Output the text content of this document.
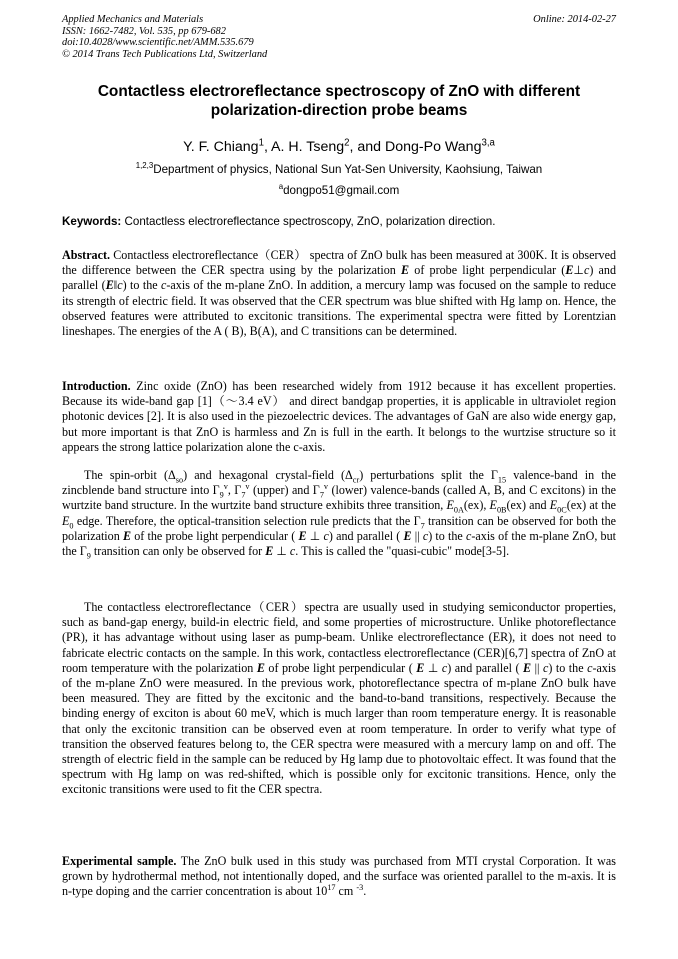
Applied Mechanics and Materials
ISSN: 1662-7482, Vol. 535, pp 679-682
doi:10.4028/www.scientific.net/AMM.535.679
© 2014 Trans Tech Publications Ltd, Switzerland
Online: 2014-02-27
Contactless electroreflectance spectroscopy of ZnO with different
polarization-direction probe beams
Y. F. Chiang$^1$, A. H. Tseng$^2$, and Dong-Po Wang$^{3,a}$
$^{1,2,3}$Department of physics, National Sun Yat-Sen University, Kaohsiung, Taiwan
$^a$dongpo51@gmail.com
Keywords: Contactless electroreflectance spectroscopy, ZnO, polarization direction.
Abstract. Contactless electroreflectance（CER） spectra of ZnO bulk has been measured at 300K. It is observed the difference between the CER spectra using by the polarization E of probe light perpendicular (E⊥c) and parallel (E‖c) to the c-axis of the m-plane ZnO. In addition, a mercury lamp was focused on the sample to reduce its strength of electric field. It was observed that the CER spectrum was blue shifted with Hg lamp on. Hence, the observed features were attributed to excitonic transitions. The experimental spectra were fitted by Lorentzian lineshapes. The energies of the A ( B), B(A), and C transitions can be determined.
Introduction. Zinc oxide (ZnO) has been researched widely from 1912 because it has excellent properties. Because its wide-band gap [1]（～3.4 eV） and direct bandgap properties, it is applicable in ultraviolet region photonic devices [2]. It is also used in the piezoelectric devices. The advantages of GaN are also wide energy gap, but more important is that ZnO is harmless and Zn is full in the earth. It belongs to the wurtzise structure so it appears the strong lattice polarization alone the c-axis.
The spin-orbit $(\Delta_{so})$ and hexagonal crystal-field $(\Delta_{cr})$ perturbations split the $\Gamma_{15}$ valence-band in the zincblende band structure into $\Gamma_9^v$, $\Gamma_7^v$ (upper) and $\Gamma_7^v$ (lower) valence-bands (called A, B, and C excitons) in the wurtzite band structure. In the wurtzite band structure exhibits three transition, $E_{0A}(ex)$, $E_{0B}(ex)$ and $E_{0C}(ex)$ at the $E_0$ edge. Therefore, the optical-transition selection rule predicts that the $\Gamma_7$ transition can be observed for both the polarization E of the probe light perpendicular ( E ⊥ c) and parallel ( E || c) to the c-axis of the m-plane ZnO, but the $\Gamma_9$ transition can only be observed for E ⊥ c. This is called the "quasi-cubic" mode[3-5].
The contactless electroreflectance（CER）spectra are usually used in studying semiconductor properties, such as band-gap energy, build-in electric field, and some properties of microstructure. Unlike photoreflectance (PR), it has advantage without using laser as pump-beam. Unlike electroreflectance (ER), it does not need to fabricate electric contacts on the sample. In this work, contactless electroreflectance (CER)[6,7] spectra of ZnO at room temperature with the polarization E of probe light perpendicular ( E ⊥ c) and parallel ( E || c) to the c-axis of the m-plane ZnO were measured. In the previous work, photoreflectance spectra of m-plane ZnO bulk have been measured. They are fitted by the excitonic and the band-to-band transitions, respectively. Because the binding energy of exciton is about 60 meV, which is much larger than room temperature energy. It is reasonable that only the excitonic transition can be observed even at room temperature. In order to verify what type of transition the observed features belong to, the CER spectra were measured with a mercury lamp on and off. The strength of electric field in the sample can be reduced by Hg lamp due to photovoltaic effect. It was found that the spectrum with Hg lamp on was red-shifted, which is possible only for excitonic transitions. Hence, only the excitonic transitions were used to fit the CER spectra.
Experimental sample. The ZnO bulk used in this study was purchased from MTI crystal Corporation. It was grown by hydrothermal method, not intentionally doped, and the surface was oriented parallel to the m-axis. It is n-type doping and the carrier concentration is about $10^{17}$ cm $^{-3}$.
